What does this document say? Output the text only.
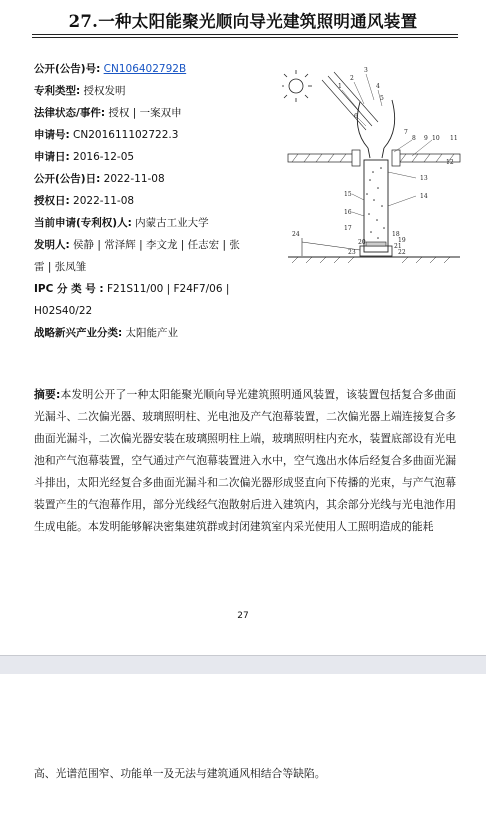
27.一种太阳能聚光顺向导光建筑照明通风装置
公开(公告)号: CN106402792B
专利类型: 授权发明
法律状态/事件: 授权 | 一案双申
申请号: CN201611102722.3
申请日: 2016-12-05
公开(公告)日: 2022-11-08
授权日: 2022-11-08
当前申请(专利权)人: 内蒙古工业大学
发明人: 侯静 | 常泽辉 | 李文龙 | 任志宏 | 张
雷 | 张凤雏
IPC 分 类 号 : F21S11/00 | F24F7/06 |
H02S40/22
战略新兴产业分类: 太阳能产业
1
2
3
4
5
6
7
8 9 10 11
12
13
14
15
16
17
18
19
20
21
22
23
24
摘要:本发明公开了一种太阳能聚光顺向导光建筑照明通风装置，该装置包括复合多曲面光漏斗、二次偏光器、玻璃照明柱、光电池及产气泡幕装置，二次偏光器上端连接复合多曲面光漏斗，二次偏光器安装在玻璃照明柱上端，玻璃照明柱内充水，装置底部设有光电池和产气泡幕装置，空气通过产气泡幕装置进入水中，空气逸出水体后经复合多曲面光漏斗排出，太阳光经复合多曲面光漏斗和二次偏光器形成竖直向下传播的光束，与产气泡幕装置产生的气泡幕作用，部分光线经气泡散射后进入建筑内，其余部分光线与光电池作用生成电能。本发明能够解决密集建筑群或封闭建筑室内采光使用人工照明造成的能耗
27
高、光谱范围窄、功能单一及无法与建筑通风相结合等缺陷。
